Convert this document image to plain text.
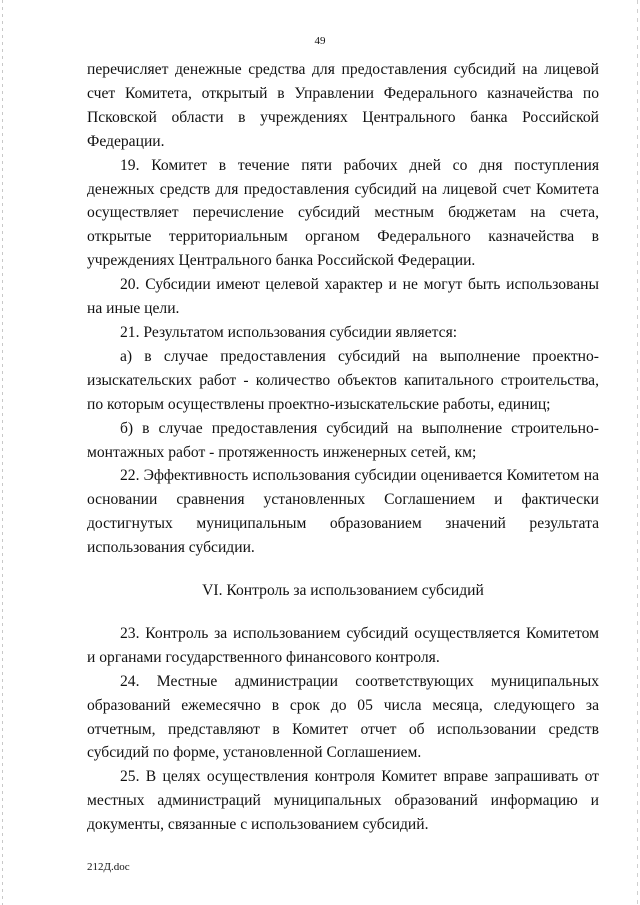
49

перечисляет денежные средства для предоставления субсидий на лицевой счет Комитета, открытый в Управлении Федерального казначейства по Псковской области в учреждениях Центрального банка Российской Федерации.

19. Комитет в течение пяти рабочих дней со дня поступления денежных средств для предоставления субсидий на лицевой счет Комитета осуществляет перечисление субсидий местным бюджетам на счета, открытые территориальным органом Федерального казначейства в учреждениях Центрального банка Российской Федерации.

20. Субсидии имеют целевой характер и не могут быть использованы на иные цели.

21. Результатом использования субсидии является:

а) в случае предоставления субсидий на выполнение проектно-изыскательских работ - количество объектов капитального строительства, по которым осуществлены проектно-изыскательские работы, единиц;

б) в случае предоставления субсидий на выполнение строительно-монтажных работ - протяженность инженерных сетей, км;

22. Эффективность использования субсидии оценивается Комитетом на основании сравнения установленных Соглашением и фактически достигнутых муниципальным образованием значений результата использования субсидии.

VI. Контроль за использованием субсидий

23. Контроль за использованием субсидий осуществляется Комитетом и органами государственного финансового контроля.

24. Местные администрации соответствующих муниципальных образований ежемесячно в срок до 05 числа месяца, следующего за отчетным, представляют в Комитет отчет об использовании средств субсидий по форме, установленной Соглашением.

25. В целях осуществления контроля Комитет вправе запрашивать от местных администраций муниципальных образований информацию и документы, связанные с использованием субсидий.

212Д.doc
